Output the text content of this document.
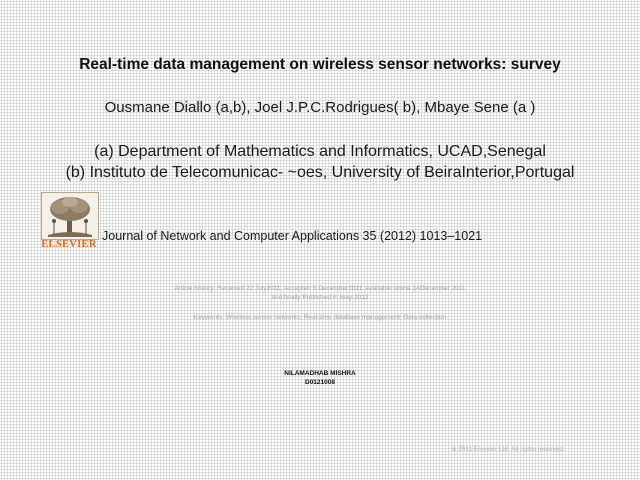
Real-time data management on wireless sensor networks: survey
Ousmane Diallo (a,b), Joel J.P.C.Rodrigues( b), Mbaye Sene (a )
(a) Department of Mathematics and Informatics, UCAD,Senegal
(b) Instituto de Telecomunicac- ~oes, University of BeiraInterior,Portugal
ELSEVIER
Journal of Network and Computer Applications 35 (2012) 1013–1021
Article history: Received 22 July2011, Accepted 5 December2011, Available online 14December 2011
and finally Published in May-2012
Keywords: Wireless sensor networks, Real-time database management, Data collection
NILAMADHAB MISHRA
D0121008
& 2011 Elsevier Ltd. All rights reserved.
